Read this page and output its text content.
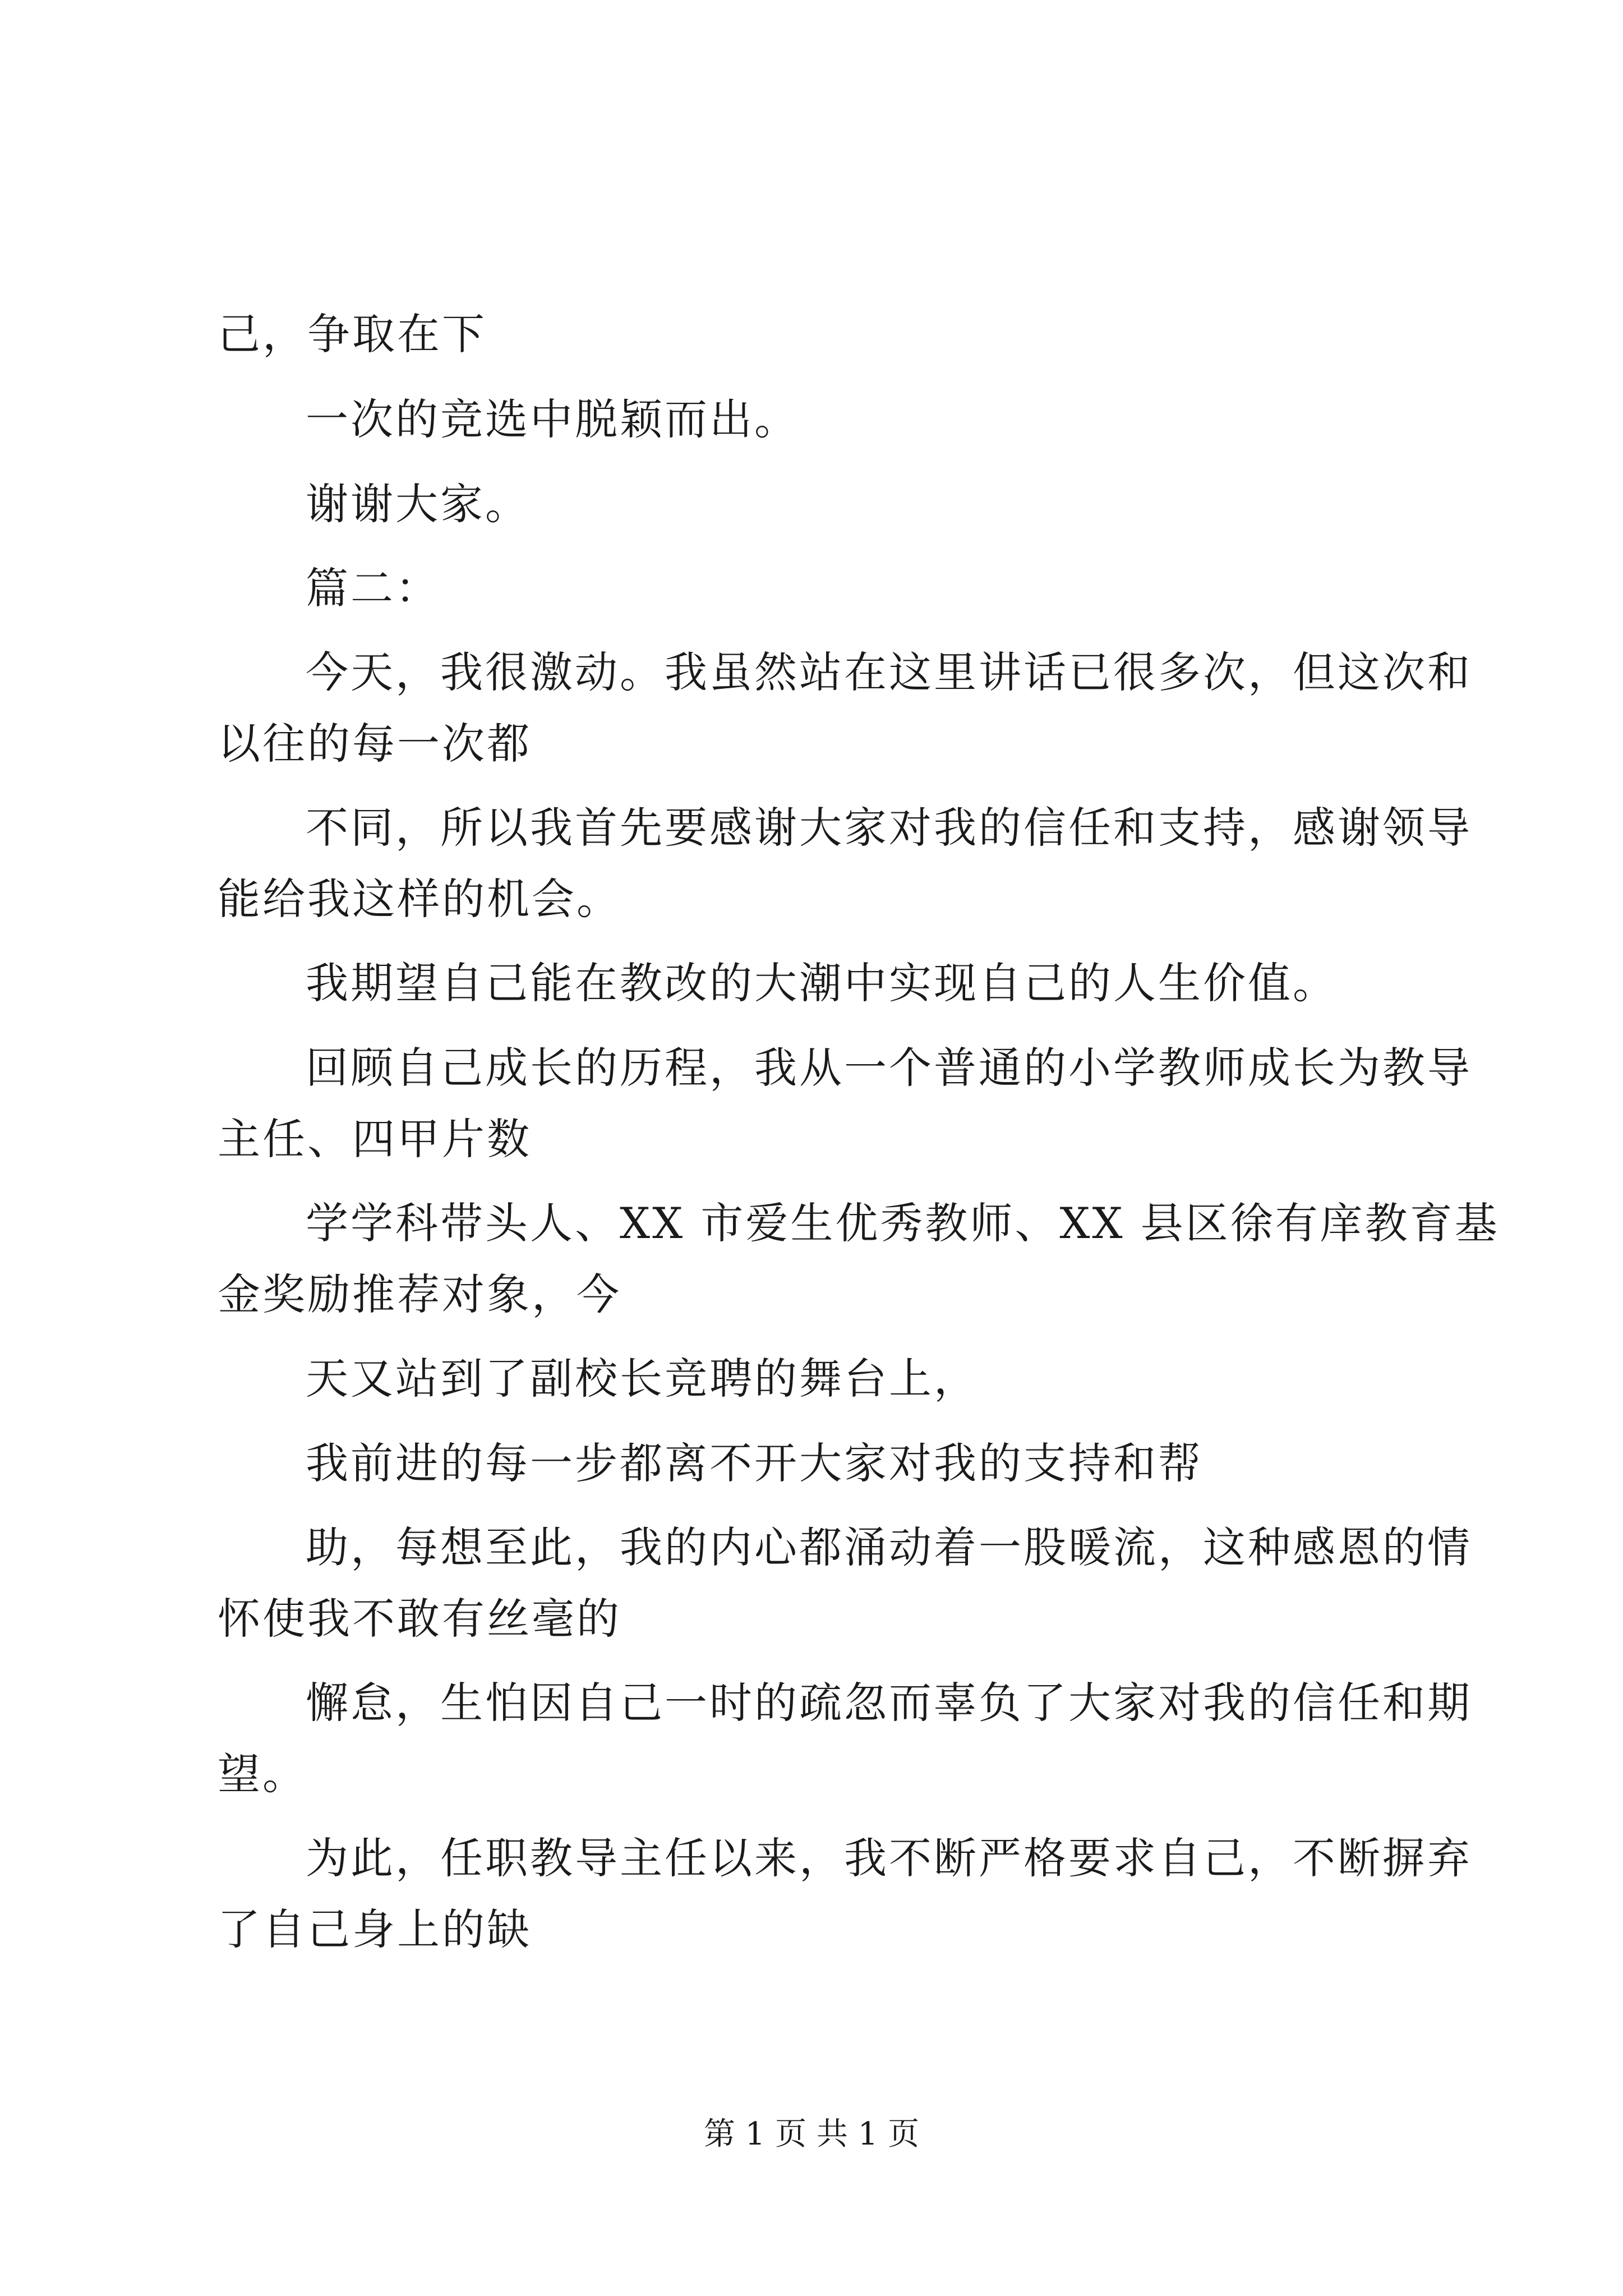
己，争取在下
一次的竞选中脱颖而出。
谢谢大家。
篇二：
今天，我很激动。我虽然站在这里讲话已很多次，但这次和
以往的每一次都
不同，所以我首先要感谢大家对我的信任和支持，感谢领导
能给我这样的机会。
我期望自己能在教改的大潮中实现自己的人生价值。
回顾自己成长的历程，我从一个普通的小学教师成长为教导
主任、四甲片数
学学科带头人、XX 市爱生优秀教师、XX 县区徐有庠教育基
金奖励推荐对象，今
天又站到了副校长竞聘的舞台上，
我前进的每一步都离不开大家对我的支持和帮
助，每想至此，我的内心都涌动着一股暖流，这种感恩的情
怀使我不敢有丝毫的
懈怠，生怕因自己一时的疏忽而辜负了大家对我的信任和期
望。
为此，任职教导主任以来，我不断严格要求自己，不断摒弃
了自己身上的缺
第 1 页 共 1 页
